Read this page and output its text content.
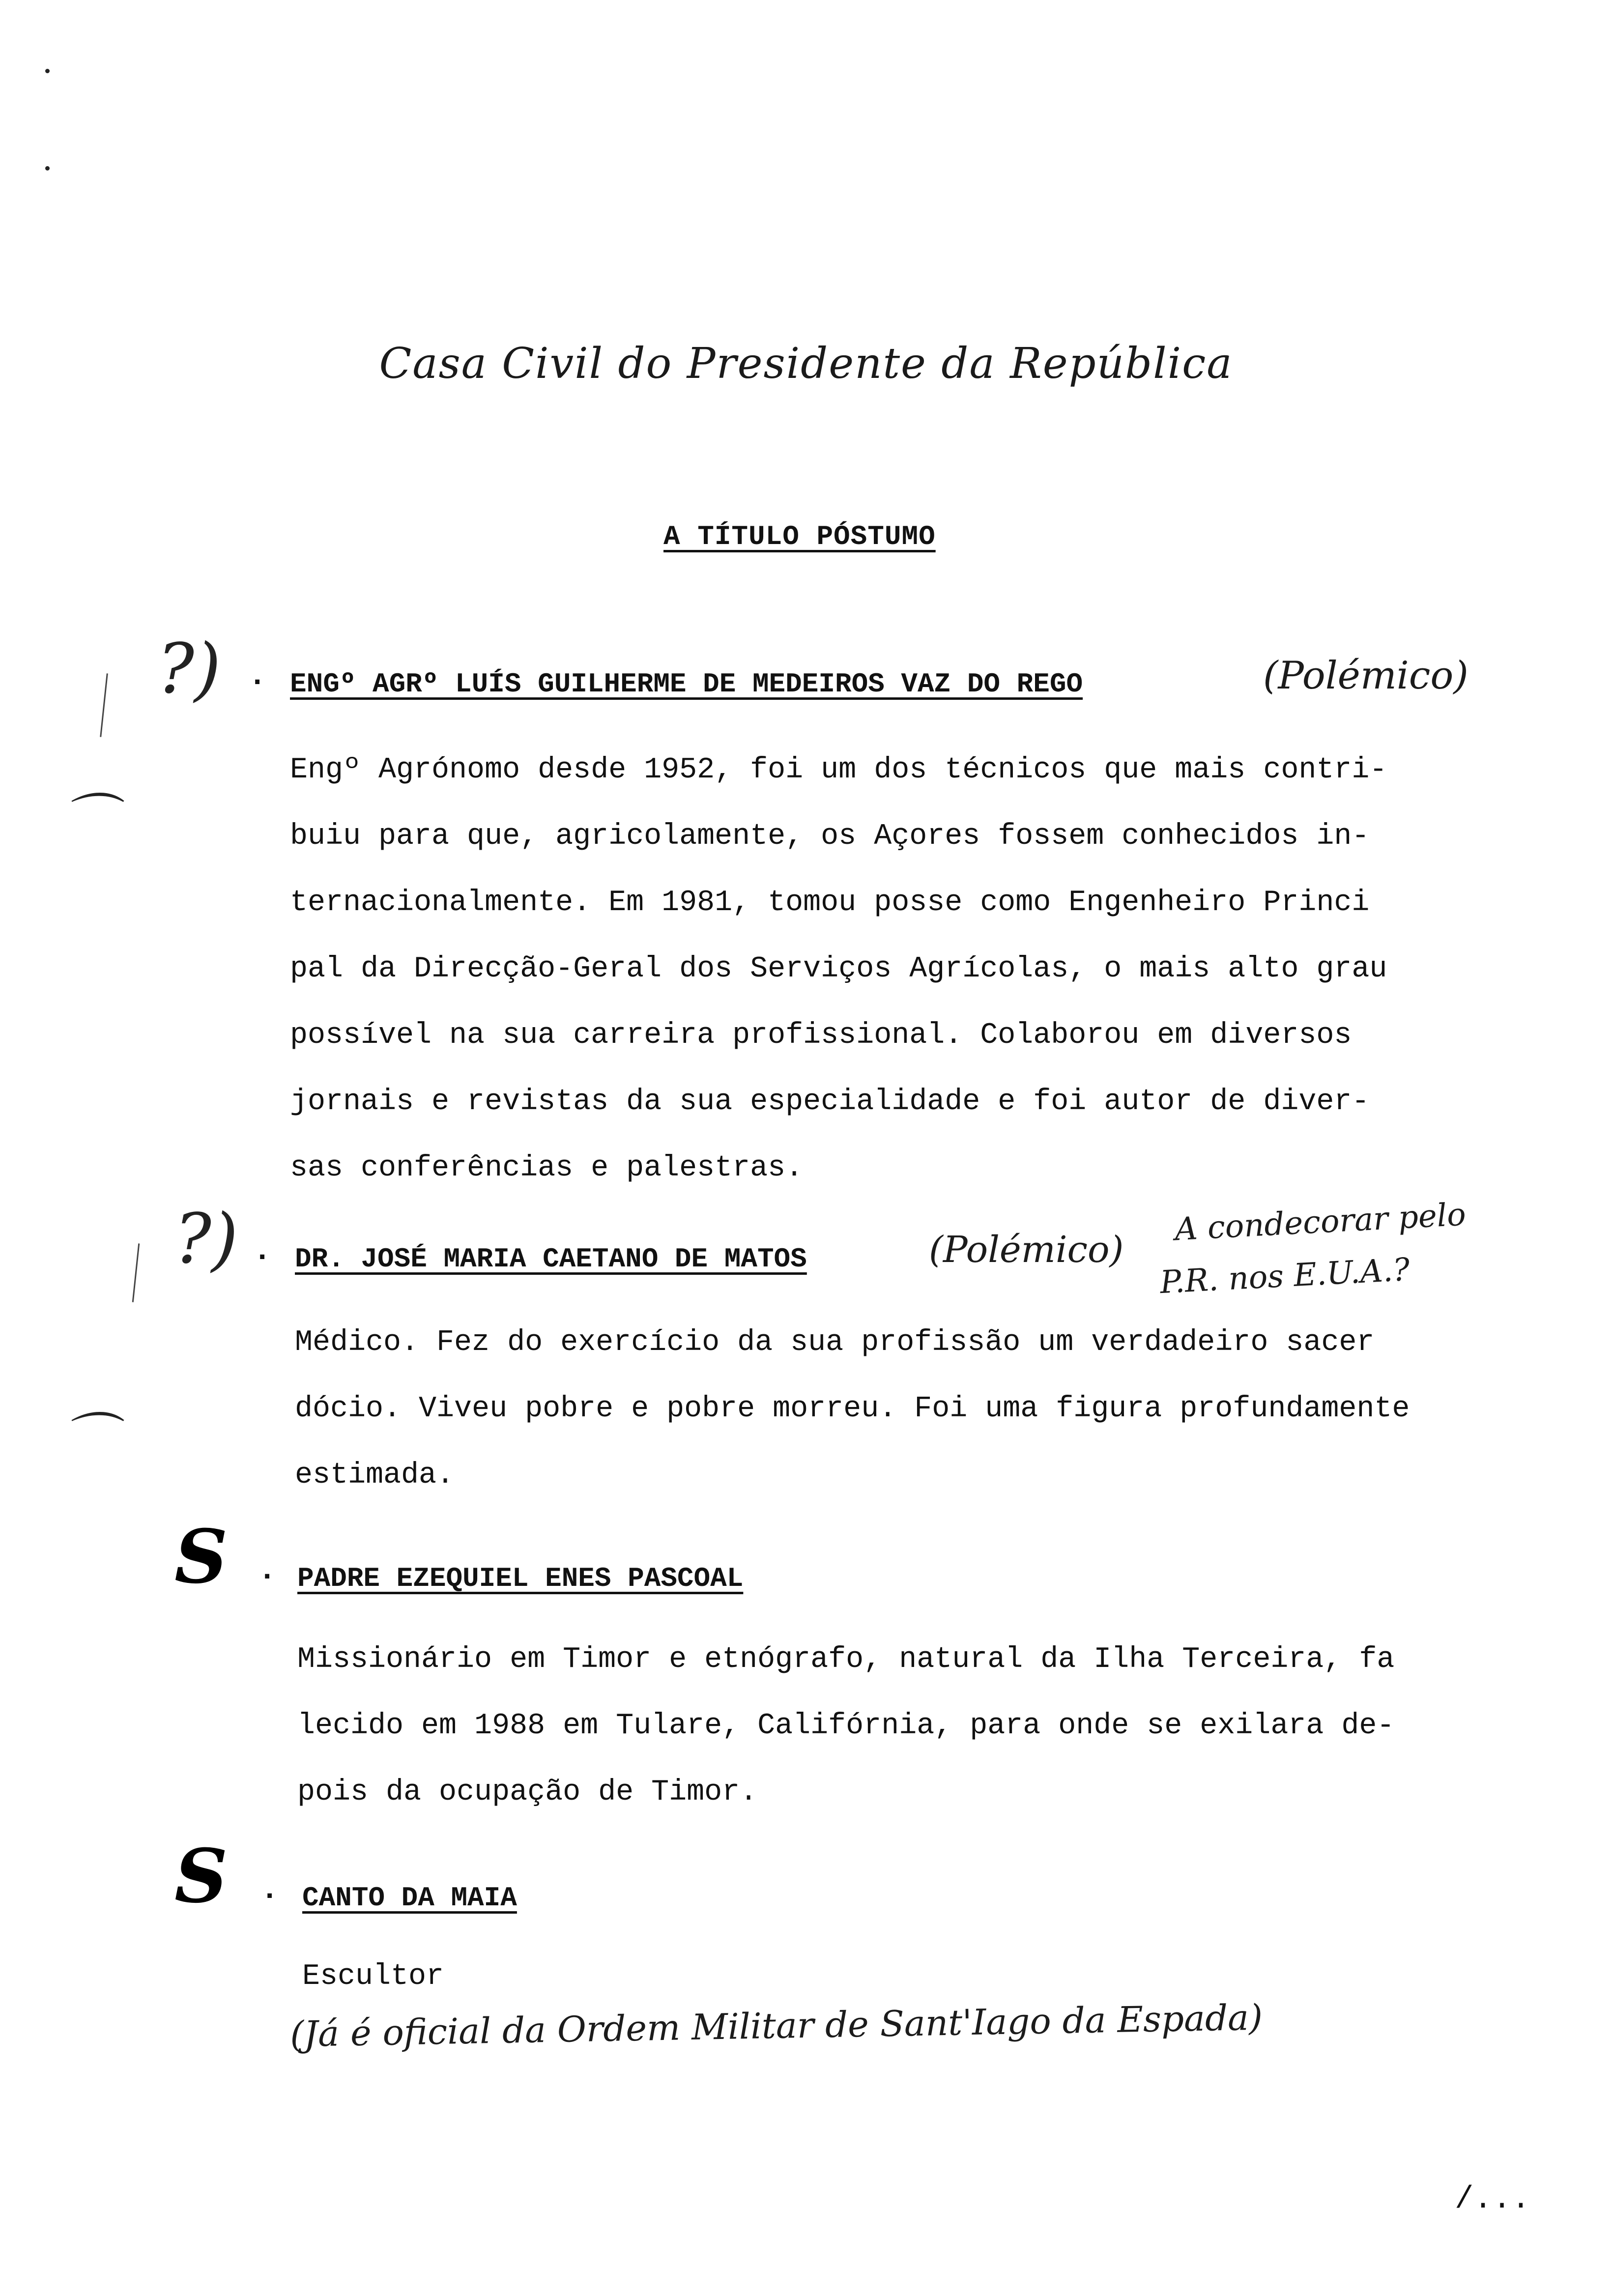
Casa Civil do Presidente da República
A TÍTULO PÓSTUMO
?)
⌒
. ENGº AGRº LUÍS GUILHERME DE MEDEIROS VAZ DO REGO	(Polémico)
Engº Agrónomo desde 1952, foi um dos técnicos que mais contri-
buiu para que, agricolamente, os Açores fossem conhecidos in-
ternacionalmente. Em 1981, tomou posse como Engenheiro Princi
pal da Direcção-Geral dos Serviços Agrícolas, o mais alto grau
possível na sua carreira profissional. Colaborou em diversos
jornais e revistas da sua especialidade e foi autor de diver-
sas conferências e palestras.
?)
⌒
. DR. JOSÉ MARIA CAETANO DE MATOS	(Polémico)
A condecorar pelo
P.R. nos E.U.A.?
Médico. Fez do exercício da sua profissão um verdadeiro sacer
dócio. Viveu pobre e pobre morreu. Foi uma figura profundamente
estimada.
S . PADRE EZEQUIEL ENES PASCOAL
Missionário em Timor e etnógrafo, natural da Ilha Terceira, fa
lecido em 1988 em Tulare, Califórnia, para onde se exilara de-
pois da ocupação de Timor.
S . CANTO DA MAIA
Escultor
(Já é oficial da Ordem Militar de Sant'Iago da Espada)
/...
